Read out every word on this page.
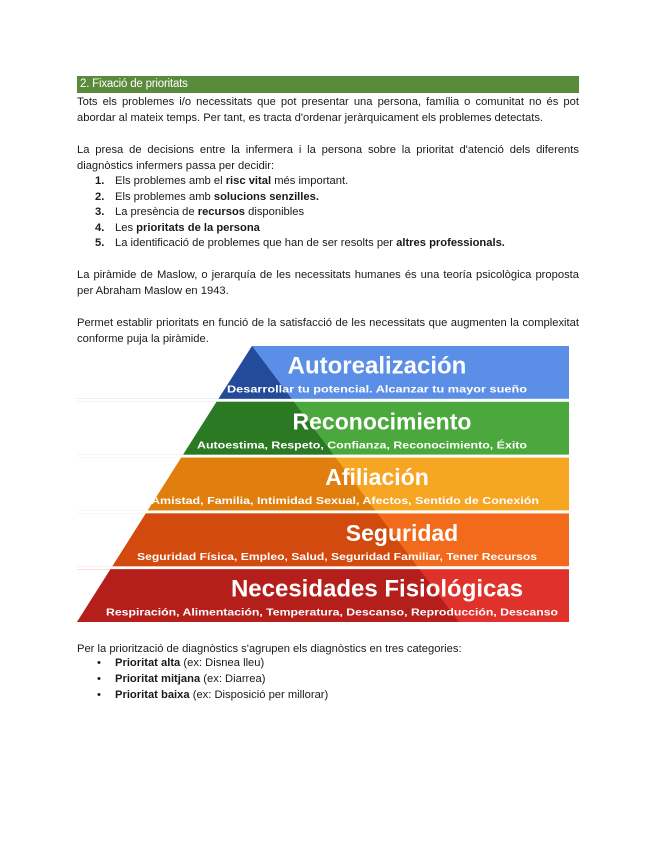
2. Fixació de prioritats
Tots els problemes i/o necessitats que pot presentar una persona, família o comunitat no és pot abordar al mateix temps. Per tant, es tracta d'ordenar jeràrquicament els problemes detectats.
La presa de decisions entre la infermera i la persona sobre la prioritat d'atenció dels diferents diagnòstics infermers passa per decidir:
1. Els problemes amb el risc vital més important.
2. Els problemes amb solucions senzilles.
3. La presència de recursos disponibles
4. Les prioritats de la persona
5. La identificació de problemes que han de ser resolts per altres professionals.
La piràmide de Maslow, o jerarquía de les necessitats humanes és una teoría psicològica proposta per Abraham Maslow en 1943.
Permet establir prioritats en funció de la satisfacció de les necessitats que augmenten la complexitat conforme puja la piràmide.
Autorealización
Desarrollar tu potencial. Alcanzar tu mayor sueño
Reconocimiento
Autoestima, Respeto, Confianza, Reconocimiento, Éxito
Afiliación
Amistad, Familia, Intimidad Sexual, Afectos, Sentido de Conexión
Seguridad
Seguridad Física, Empleo, Salud, Seguridad Familiar, Tener Recursos
Necesidades Fisiológicas
Respiración, Alimentación, Temperatura, Descanso, Reproducción, Descanso
Per la priorització de diagnòstics s'agrupen els diagnòstics en tres categories:
• Prioritat alta (ex: Disnea lleu)
• Prioritat mitjana (ex: Diarrea)
• Prioritat baixa (ex: Disposició per millorar)
